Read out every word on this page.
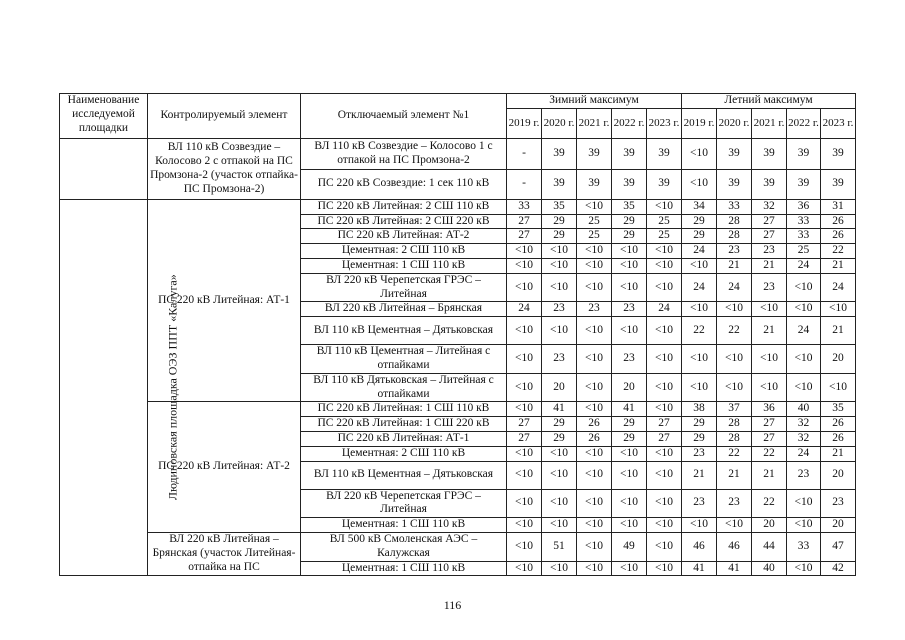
Наименование исследуемой площадки	Контролируемый элемент	Отключаемый элемент №1	Зимний максимум					Летний максимум				
			2019 г.	2020 г.	2021 г.	2022 г.	2023 г.	2019 г.	2020 г.	2021 г.	2022 г.	2023 г.
	ВЛ 110 кВ Созвездие – Колосово 2 с отпакой на ПС Промзона-2 (участок отпайка-ПС Промзона-2)	ВЛ 110 кВ Созвездие – Колосово 1 с отпакой на ПС Промзона-2	-	39	39	39	39	<10	39	39	39	39
		ПС 220 кВ Созвездие: 1 сек 110 кВ	-	39	39	39	39	<10	39	39	39	39
Людиновская площадка ОЭЗ ППТ «Калуга»	ПС 220 кВ Литейная: АТ-1	ПС 220 кВ Литейная: 2 СШ 110 кВ	33	35	<10	35	<10	34	33	32	36	31
		ПС 220 кВ Литейная: 2 СШ 220 кВ	27	29	25	29	25	29	28	27	33	26
		ПС 220 кВ Литейная: АТ-2	27	29	25	29	25	29	28	27	33	26
		Цементная: 2 СШ 110 кВ	<10	<10	<10	<10	<10	24	23	23	25	22
		Цементная: 1 СШ 110 кВ	<10	<10	<10	<10	<10	<10	21	21	24	21
		ВЛ 220 кВ Черепетская ГРЭС – Литейная	<10	<10	<10	<10	<10	24	24	23	<10	24
		ВЛ 220 кВ Литейная – Брянская	24	23	23	23	24	<10	<10	<10	<10	<10
		ВЛ 110 кВ Цементная – Дятьковская	<10	<10	<10	<10	<10	22	22	21	24	21
		ВЛ 110 кВ Цементная – Литейная с отпайками	<10	23	<10	23	<10	<10	<10	<10	<10	20
		ВЛ 110 кВ Дятьковская – Литейная с отпайками	<10	20	<10	20	<10	<10	<10	<10	<10	<10
	ПС 220 кВ Литейная: АТ-2	ПС 220 кВ Литейная: 1 СШ 110 кВ	<10	41	<10	41	<10	38	37	36	40	35
		ПС 220 кВ Литейная: 1 СШ 220 кВ	27	29	26	29	27	29	28	27	32	26
		ПС 220 кВ Литейная: АТ-1	27	29	26	29	27	29	28	27	32	26
		Цементная: 2 СШ 110 кВ	<10	<10	<10	<10	<10	23	22	22	24	21
		ВЛ 110 кВ Цементная – Дятьковская	<10	<10	<10	<10	<10	21	21	21	23	20
		ВЛ 220 кВ Черепетская ГРЭС – Литейная	<10	<10	<10	<10	<10	23	23	22	<10	23
		Цементная: 1 СШ 110 кВ	<10	<10	<10	<10	<10	<10	<10	20	<10	20
	ВЛ 220 кВ Литейная – Брянская (участок Литейная-отпайка на ПС	ВЛ 500 кВ Смоленская АЭС – Калужская	<10	51	<10	49	<10	46	46	44	33	47
		Цементная: 1 СШ 110 кВ	<10	<10	<10	<10	<10	41	41	40	<10	42
116
